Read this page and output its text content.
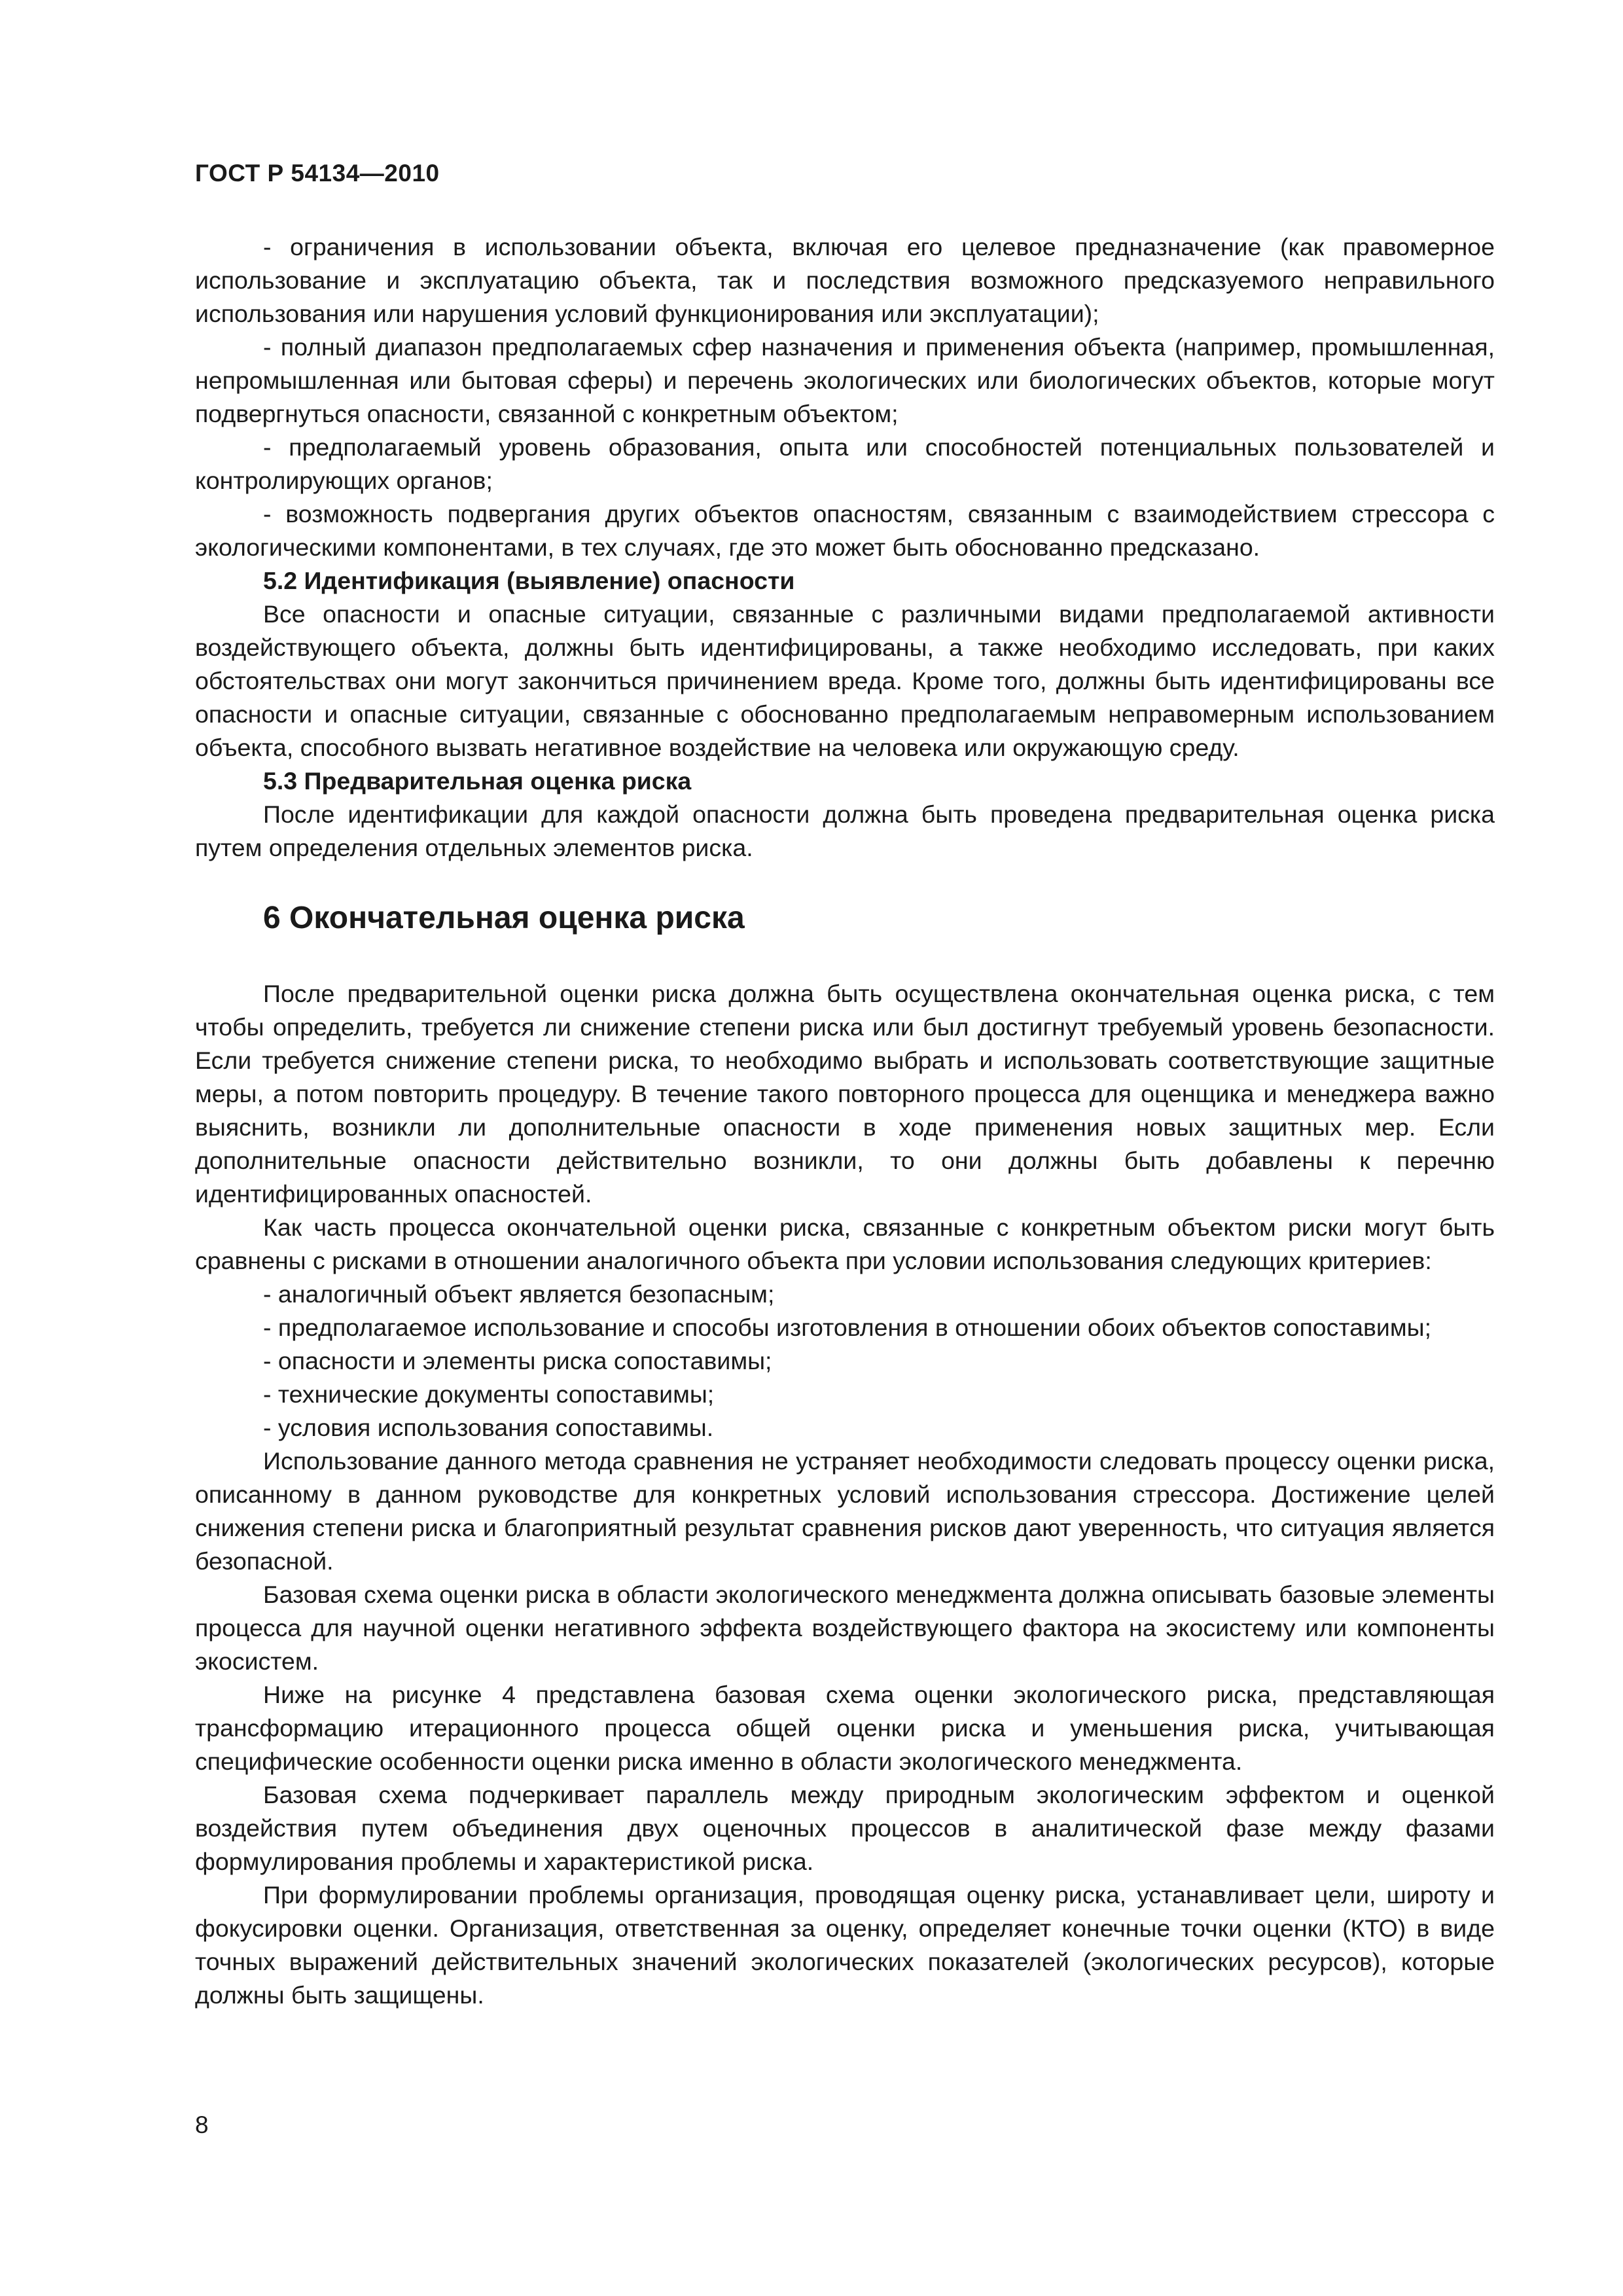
ГОСТ Р 54134—2010

- ограничения в использовании объекта, включая его целевое предназначение (как правомерное использование и эксплуатацию объекта, так и последствия возможного предсказуемого неправильного использования или нарушения условий функционирования или эксплуатации);

- полный диапазон предполагаемых сфер назначения и применения объекта (например, промышленная, непромышленная или бытовая сферы) и перечень экологических или биологических объектов, которые могут подвергнуться опасности, связанной с конкретным объектом;

- предполагаемый уровень образования, опыта или способностей потенциальных пользователей и контролирующих органов;

- возможность подвергания других объектов опасностям, связанным с взаимодействием стрессора с экологическими компонентами, в тех случаях, где это может быть обоснованно предсказано.

5.2 Идентификация (выявление) опасности

Все опасности и опасные ситуации, связанные с различными видами предполагаемой активности воздействующего объекта, должны быть идентифицированы, а также необходимо исследовать, при каких обстоятельствах они могут закончиться причинением вреда. Кроме того, должны быть идентифицированы все опасности и опасные ситуации, связанные с обоснованно предполагаемым неправомерным использованием объекта, способного вызвать негативное воздействие на человека или окружающую среду.

5.3 Предварительная оценка риска

После идентификации для каждой опасности должна быть проведена предварительная оценка риска путем определения отдельных элементов риска.

6 Окончательная оценка риска

После предварительной оценки риска должна быть осуществлена окончательная оценка риска, с тем чтобы определить, требуется ли снижение степени риска или был достигнут требуемый уровень безопасности. Если требуется снижение степени риска, то необходимо выбрать и использовать соответствующие защитные меры, а потом повторить процедуру. В течение такого повторного процесса для оценщика и менеджера важно выяснить, возникли ли дополнительные опасности в ходе применения новых защитных мер. Если дополнительные опасности действительно возникли, то они должны быть добавлены к перечню идентифицированных опасностей.

Как часть процесса окончательной оценки риска, связанные с конкретным объектом риски могут быть сравнены с рисками в отношении аналогичного объекта при условии использования следующих критериев:

- аналогичный объект является безопасным;

- предполагаемое использование и способы изготовления в отношении обоих объектов сопоставимы;

- опасности и элементы риска сопоставимы;

- технические документы сопоставимы;

- условия использования сопоставимы.

Использование данного метода сравнения не устраняет необходимости следовать процессу оценки риска, описанному в данном руководстве для конкретных условий использования стрессора. Достижение целей снижения степени риска и благоприятный результат сравнения рисков дают уверенность, что ситуация является безопасной.

Базовая схема оценки риска в области экологического менеджмента должна описывать базовые элементы процесса для научной оценки негативного эффекта воздействующего фактора на экосистему или компоненты экосистем.

Ниже на рисунке 4 представлена базовая схема оценки экологического риска, представляющая трансформацию итерационного процесса общей оценки риска и уменьшения риска, учитывающая специфические особенности оценки риска именно в области экологического менеджмента.

Базовая схема подчеркивает параллель между природным экологическим эффектом и оценкой воздействия путем объединения двух оценочных процессов в аналитической фазе между фазами формулирования проблемы и характеристикой риска.

При формулировании проблемы организация, проводящая оценку риска, устанавливает цели, широту и фокусировки оценки. Организация, ответственная за оценку, определяет конечные точки оценки (КТО) в виде точных выражений действительных значений экологических показателей (экологических ресурсов), которые должны быть защищены.

8
